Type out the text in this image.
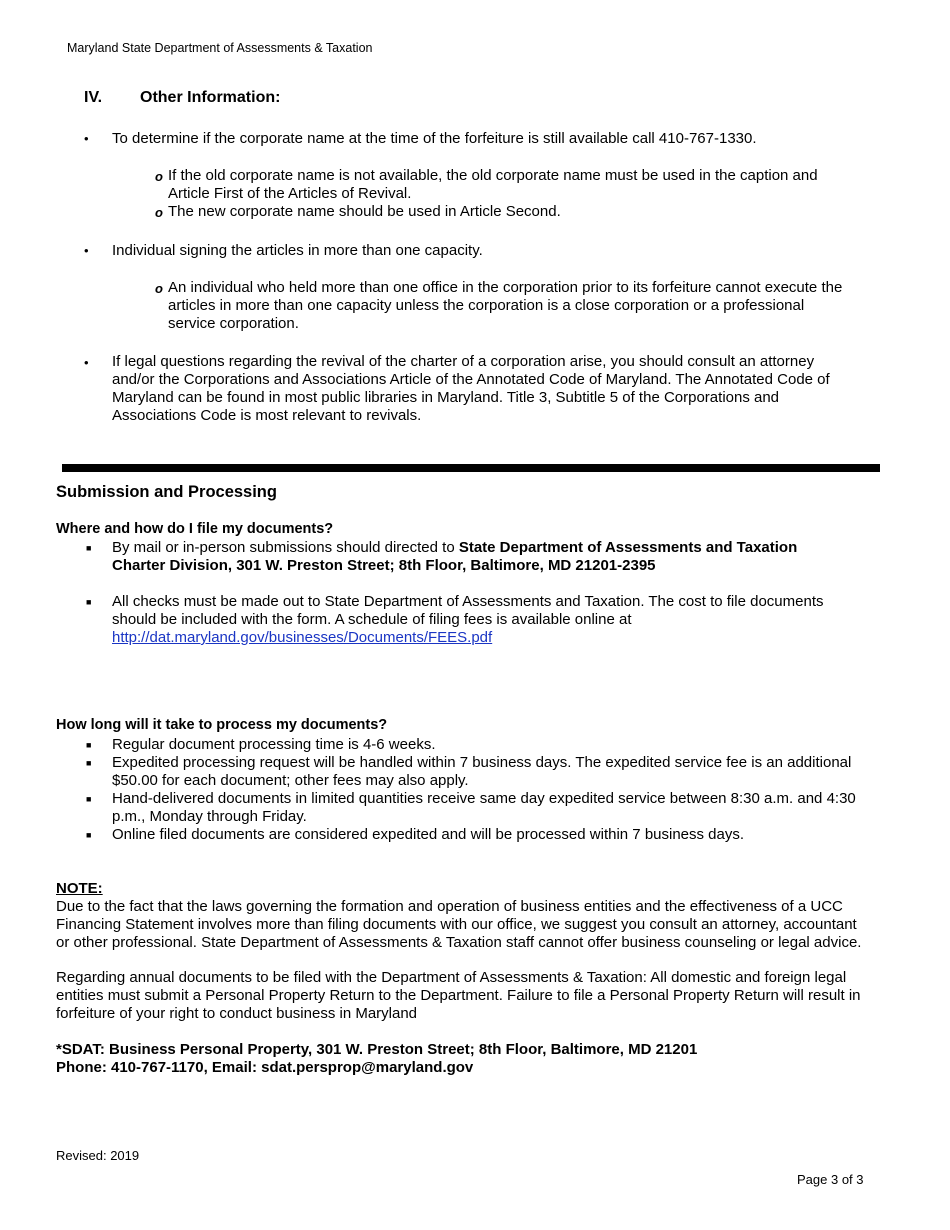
Maryland State Department of Assessments & Taxation
IV. Other Information:
• To determine if the corporate name at the time of the forfeiture is still available call 410-767-1330.
o If the old corporate name is not available, the old corporate name must be used in the caption and
Article First of the Articles of Revival.
o The new corporate name should be used in Article Second.
• Individual signing the articles in more than one capacity.
o An individual who held more than one office in the corporation prior to its forfeiture cannot execute the
articles in more than one capacity unless the corporation is a close corporation or a professional
service corporation.
• If legal questions regarding the revival of the charter of a corporation arise, you should consult an attorney
and/or the Corporations and Associations Article of the Annotated Code of Maryland. The Annotated Code of
Maryland can be found in most public libraries in Maryland. Title 3, Subtitle 5 of the Corporations and
Associations Code is most relevant to revivals.
Submission and Processing
Where and how do I file my documents?
■ By mail or in-person submissions should directed to State Department of Assessments and Taxation
Charter Division, 301 W. Preston Street; 8th Floor, Baltimore, MD 21201-2395
■ All checks must be made out to State Department of Assessments and Taxation. The cost to file documents
should be included with the form. A schedule of filing fees is available online at
http://dat.maryland.gov/businesses/Documents/FEES.pdf
How long will it take to process my documents?
■ Regular document processing time is 4-6 weeks.
■ Expedited processing request will be handled within 7 business days. The expedited service fee is an additional
$50.00 for each document; other fees may also apply.
■ Hand-delivered documents in limited quantities receive same day expedited service between 8:30 a.m. and 4:30
p.m., Monday through Friday.
■ Online filed documents are considered expedited and will be processed within 7 business days.
NOTE:
Due to the fact that the laws governing the formation and operation of business entities and the effectiveness of a UCC
Financing Statement involves more than filing documents with our office, we suggest you consult an attorney, accountant
or other professional. State Department of Assessments & Taxation staff cannot offer business counseling or legal advice.
Regarding annual documents to be filed with the Department of Assessments & Taxation: All domestic and foreign legal
entities must submit a Personal Property Return to the Department. Failure to file a Personal Property Return will result in
forfeiture of your right to conduct business in Maryland
*SDAT: Business Personal Property, 301 W. Preston Street; 8th Floor, Baltimore, MD 21201
Phone: 410-767-1170, Email: sdat.persprop@maryland.gov
Revised: 2019
Page 3 of 3
